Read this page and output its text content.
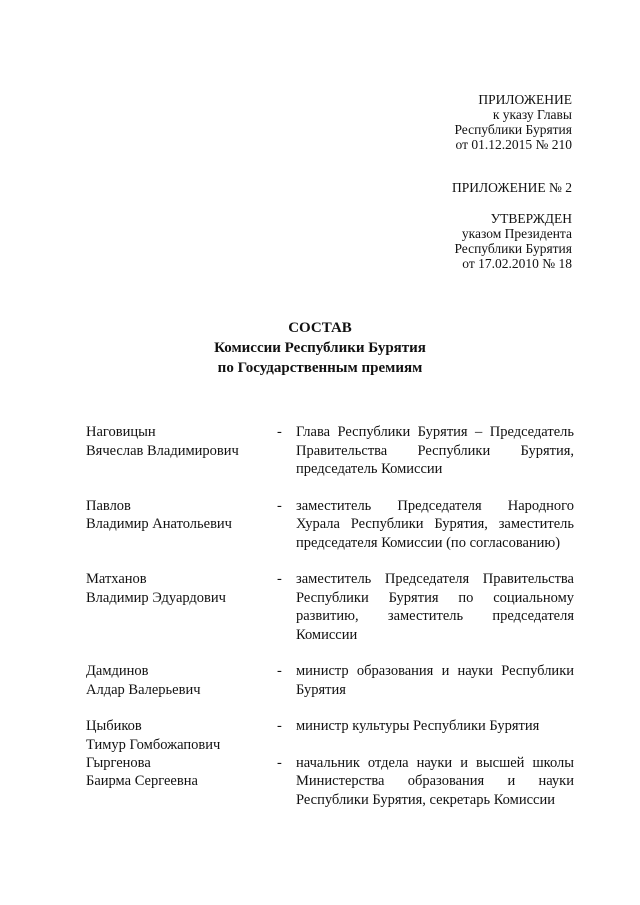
ПРИЛОЖЕНИЕ
к указу Главы
Республики Бурятия
от 01.12.2015 № 210
ПРИЛОЖЕНИЕ № 2
УТВЕРЖДЕН
указом Президента
Республики Бурятия
от 17.02.2010 № 18
СОСТАВ
Комиссии Республики Бурятия
по Государственным премиям
Наговицын
Вячеслав Владимирович
- Глава Республики Бурятия – Председатель Правительства Республики Бурятия, председатель Комиссии
Павлов
Владимир Анатольевич
- заместитель Председателя Народного Хурала Республики Бурятия, заместитель председателя Комиссии (по согласованию)
Матханов
Владимир Эдуардович
- заместитель Председателя Правительства Республики Бурятия по социальному развитию, заместитель председателя Комиссии
Дамдинов
Алдар Валерьевич
- министр образования и науки Республики Бурятия
Цыбиков
Тимур Гомбожапович
- министр культуры Республики Бурятия
Гыргенова
Баирма Сергеевна
- начальник отдела науки и высшей школы Министерства образования и науки Республики Бурятия, секретарь Комиссии
